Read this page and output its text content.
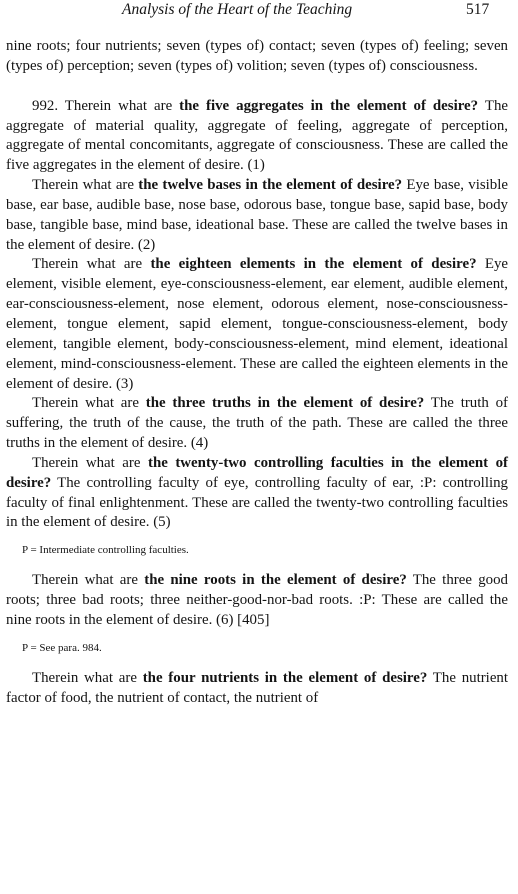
Analysis of the Heart of the Teaching	517

nine roots; four nutrients; seven (types of) contact; seven (types of) feeling; seven (types of) perception; seven (types of) volition; seven (types of) consciousness.

992. Therein what are the five aggregates in the element of desire? The aggregate of material quality, aggregate of feeling, aggregate of perception, aggregate of mental concomitants, aggregate of consciousness. These are called the five aggregates in the element of desire. (1)

Therein what are the twelve bases in the element of desire? Eye base, visible base, ear base, audible base, nose base, odorous base, tongue base, sapid base, body base, tangible base, mind base, ideational base. These are called the twelve bases in the element of desire. (2)

Therein what are the eighteen elements in the element of desire? Eye element, visible element, eye-consciousness-element, ear element, audible element, ear-consciousness-element, nose element, odorous element, nose-consciousness-element, tongue element, sapid element, tongue-consciousness-element, body element, tangible element, body-consciousness-element, mind element, ideational element, mind-consciousness-element. These are called the eighteen elements in the element of desire. (3)

Therein what are the three truths in the element of desire? The truth of suffering, the truth of the cause, the truth of the path. These are called the three truths in the element of desire. (4)

Therein what are the twenty-two controlling faculties in the element of desire? The controlling faculty of eye, controlling faculty of ear, :P: controlling faculty of final enlightenment. These are called the twenty-two controlling faculties in the element of desire. (5)

P = Intermediate controlling faculties.

Therein what are the nine roots in the element of desire? The three good roots; three bad roots; three neither-good-nor-bad roots. :P: These are called the nine roots in the element of desire. (6) [405]

P = See para. 984.

Therein what are the four nutrients in the element of desire? The nutrient factor of food, the nutrient of contact, the nutrient of
